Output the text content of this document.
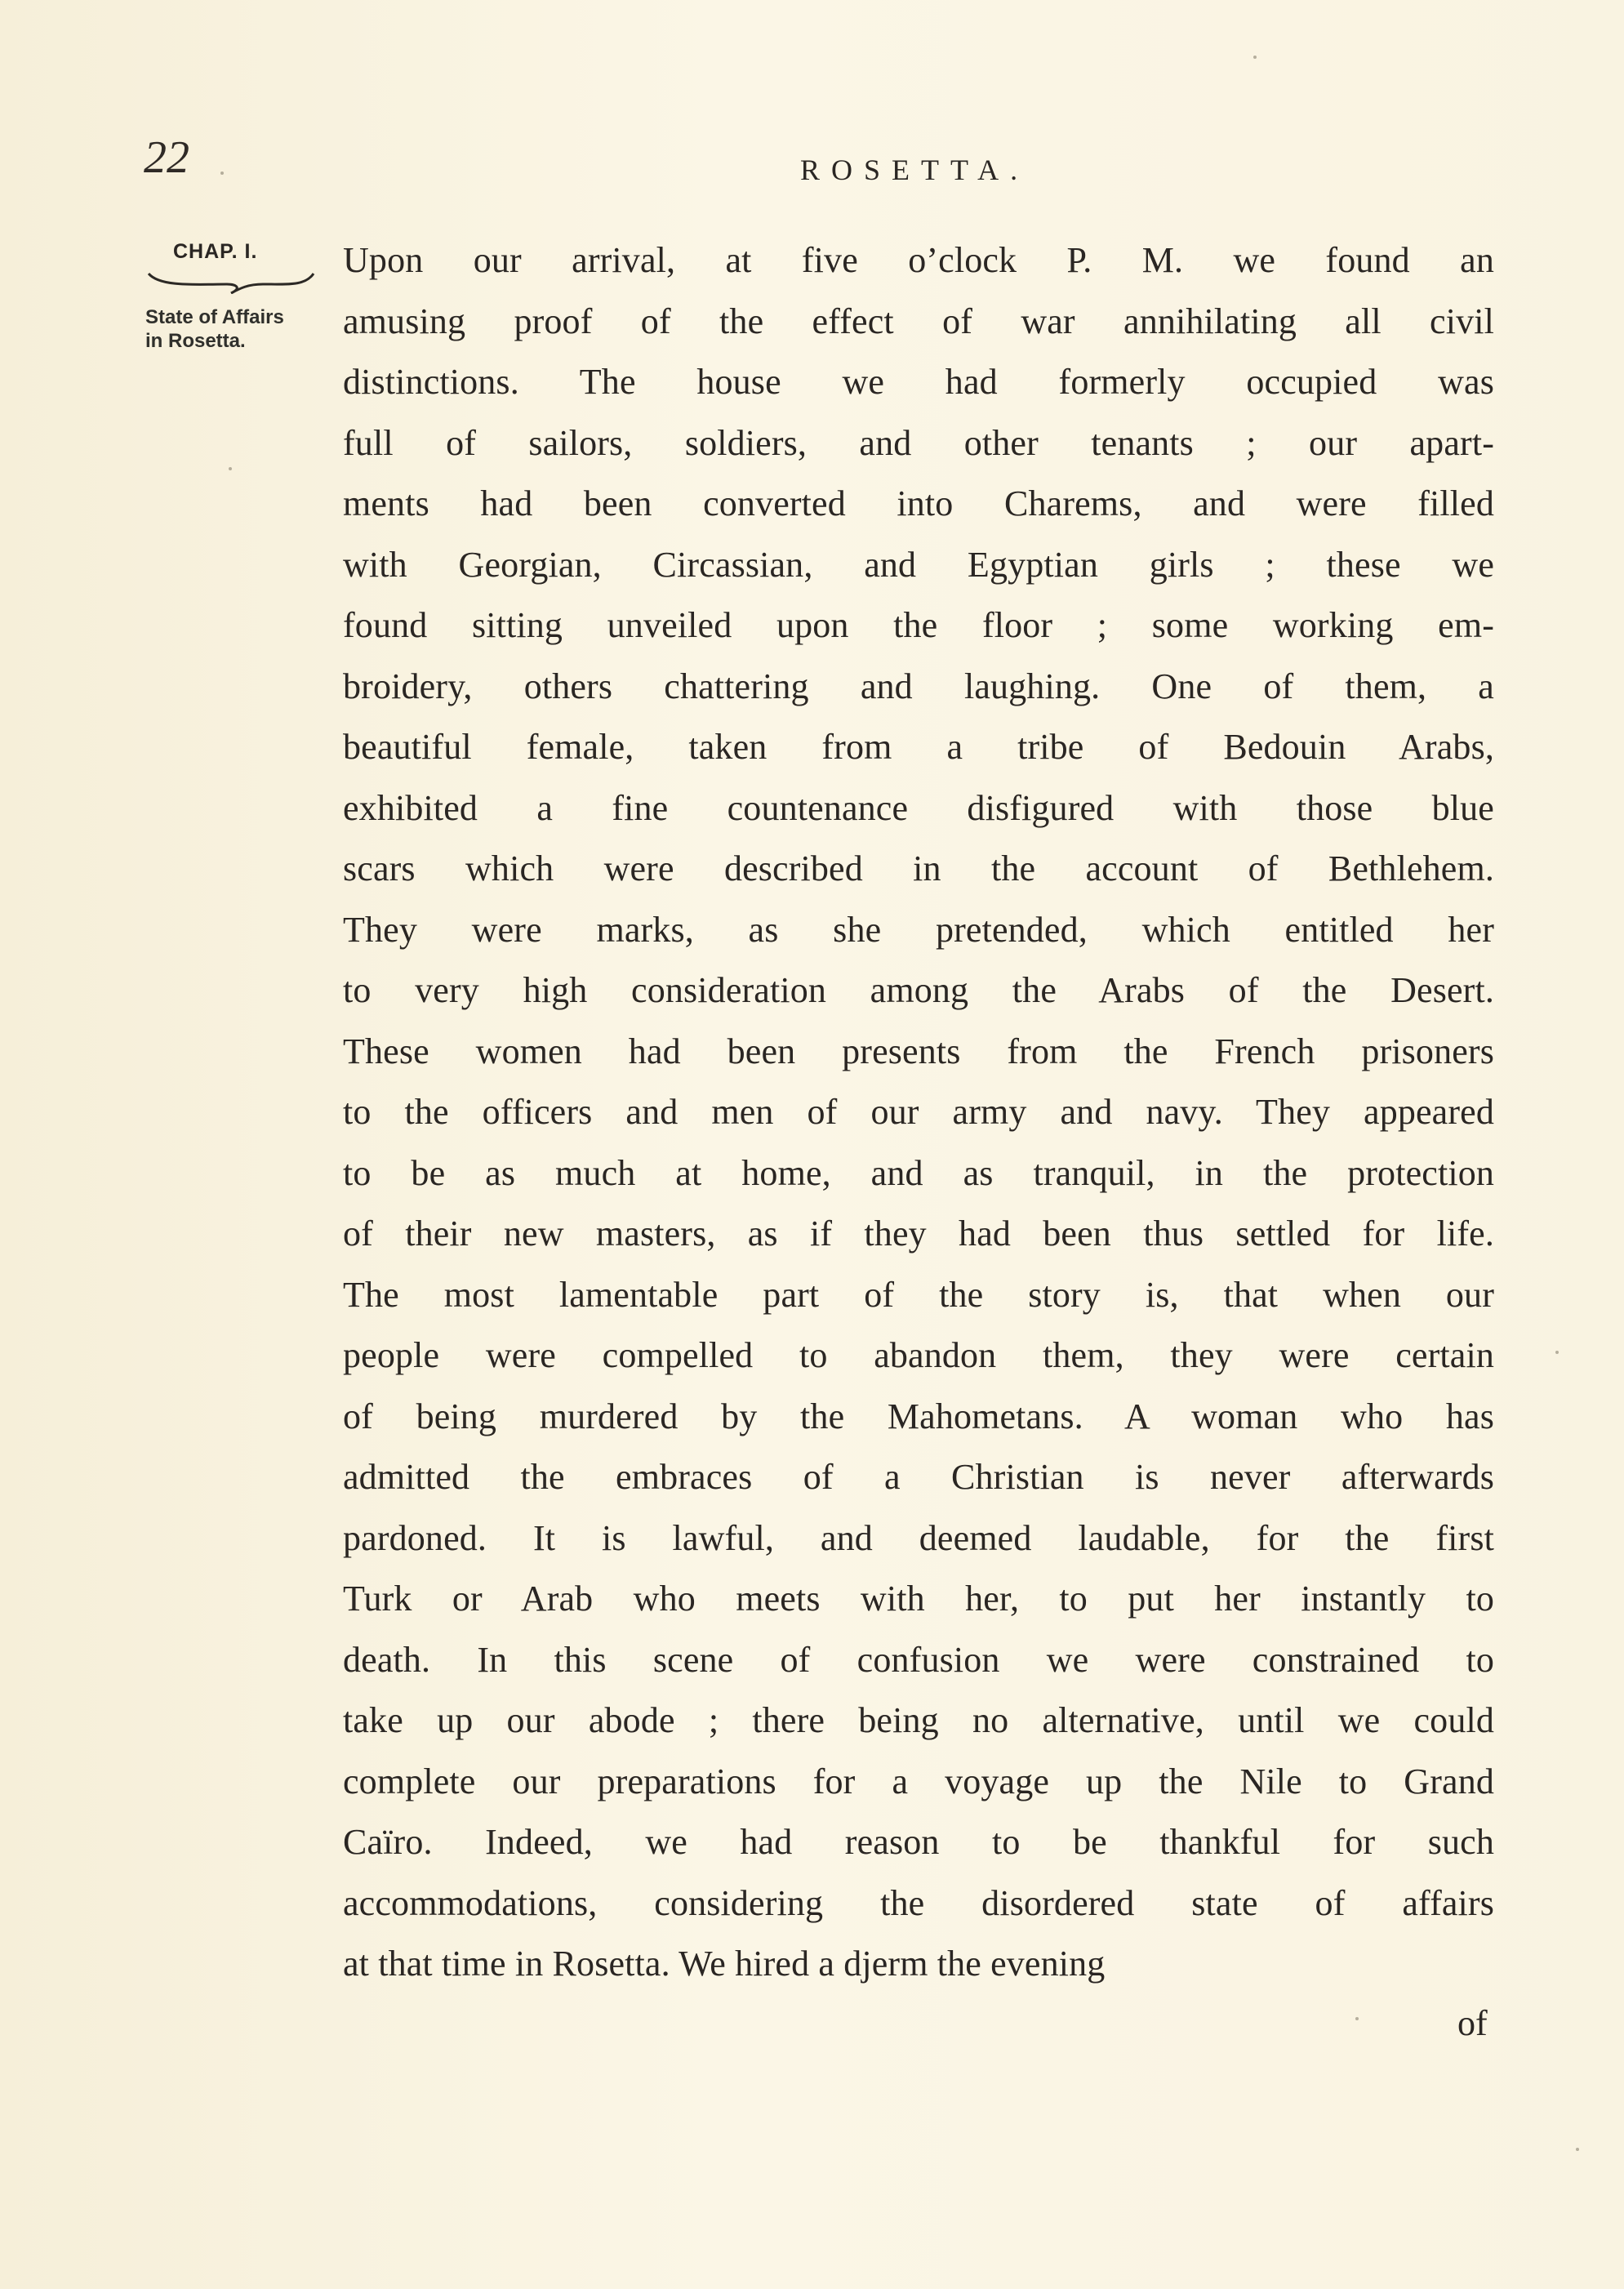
22	ROSETTA.
CHAP. I.
State of Affairs
in Rosetta.
Upon our arrival, at five o’clock P. M. we found an
amusing proof of the effect of war annihilating all civil
distinctions. The house we had formerly occupied was
full of sailors, soldiers, and other tenants ; our apart-
ments had been converted into Charems, and were filled
with Georgian, Circassian, and Egyptian girls ; these we
found sitting unveiled upon the floor ; some working em-
broidery, others chattering and laughing. One of them, a
beautiful female, taken from a tribe of Bedouin Arabs,
exhibited a fine countenance disfigured with those blue
scars which were described in the account of Bethlehem.
They were marks, as she pretended, which entitled her
to very high consideration among the Arabs of the Desert.
These women had been presents from the French prisoners
to the officers and men of our army and navy. They appeared
to be as much at home, and as tranquil, in the protection
of their new masters, as if they had been thus settled for life.
The most lamentable part of the story is, that when our
people were compelled to abandon them, they were certain
of being murdered by the Mahometans. A woman who has
admitted the embraces of a Christian is never afterwards
pardoned. It is lawful, and deemed laudable, for the first
Turk or Arab who meets with her, to put her instantly to
death. In this scene of confusion we were constrained to
take up our abode ; there being no alternative, until we could
complete our preparations for a voyage up the Nile to Grand
Caïro. Indeed, we had reason to be thankful for such
accommodations, considering the disordered state of affairs
at that time in Rosetta. We hired a djerm the evening
of
